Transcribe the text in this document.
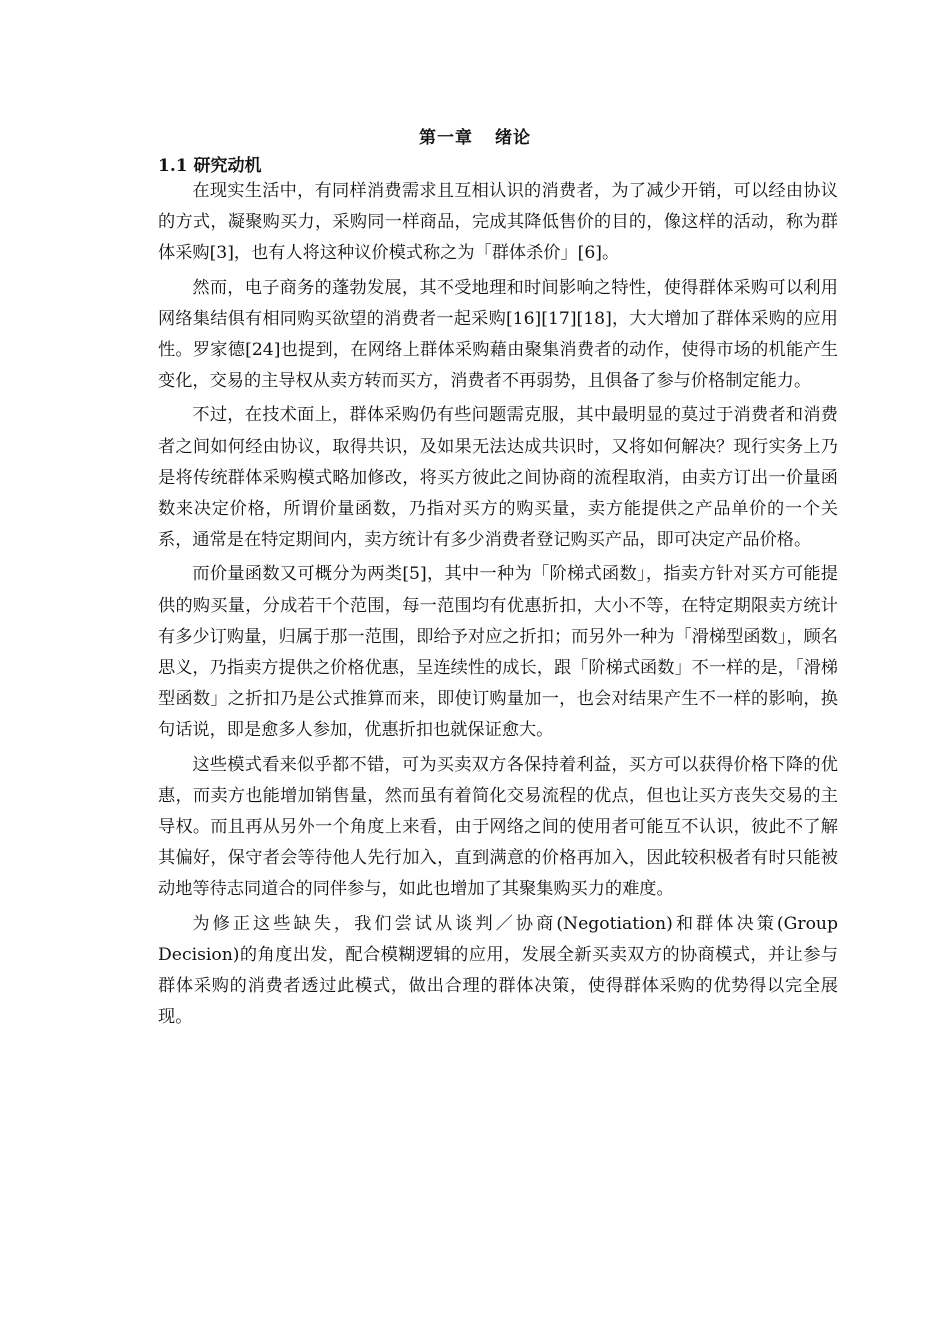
第一章 绪论
1.1 研究动机

在现实生活中，有同样消费需求且互相认识的消费者，为了减少开销，可以经由协议的方式，凝聚购买力，采购同一样商品，完成其降低售价的目的，像这样的活动，称为群体采购[3]，也有人将这种议价模式称之为「群体杀价」[6]。

然而，电子商务的蓬勃发展，其不受地理和时间影响之特性，使得群体采购可以利用网络集结俱有相同购买欲望的消费者一起采购[16][17][18]，大大增加了群体采购的应用性。罗家德[24]也提到，在网络上群体采购藉由聚集消费者的动作，使得市场的机能产生变化，交易的主导权从卖方转而买方，消费者不再弱势，且俱备了参与价格制定能力。

不过，在技术面上，群体采购仍有些问题需克服，其中最明显的莫过于消费者和消费者之间如何经由协议，取得共识，及如果无法达成共识时，又将如何解决？现行实务上乃是将传统群体采购模式略加修改，将买方彼此之间协商的流程取消，由卖方订出一价量函数来决定价格，所谓价量函数，乃指对买方的购买量，卖方能提供之产品单价的一个关系，通常是在特定期间内，卖方统计有多少消费者登记购买产品，即可决定产品价格。

而价量函数又可概分为两类[5]，其中一种为「阶梯式函数」，指卖方针对买方可能提供的购买量，分成若干个范围，每一范围均有优惠折扣，大小不等，在特定期限卖方统计有多少订购量，归属于那一范围，即给予对应之折扣；而另外一种为「滑梯型函数」，顾名思义，乃指卖方提供之价格优惠，呈连续性的成长，跟「阶梯式函数」不一样的是，「滑梯型函数」之折扣乃是公式推算而来，即使订购量加一，也会对结果产生不一样的影响，换句话说，即是愈多人参加，优惠折扣也就保证愈大。

这些模式看来似乎都不错，可为买卖双方各保持着利益，买方可以获得价格下降的优惠，而卖方也能增加销售量，然而虽有着简化交易流程的优点，但也让买方丧失交易的主导权。而且再从另外一个角度上来看，由于网络之间的使用者可能互不认识，彼此不了解其偏好，保守者会等待他人先行加入，直到满意的价格再加入，因此较积极者有时只能被动地等待志同道合的同伴参与，如此也增加了其聚集购买力的难度。

为修正这些缺失，我们尝试从谈判／协商(Negotiation)和群体决策(Group Decision)的角度出发，配合模糊逻辑的应用，发展全新买卖双方的协商模式，并让参与群体采购的消费者透过此模式，做出合理的群体决策，使得群体采购的优势得以完全展现。
